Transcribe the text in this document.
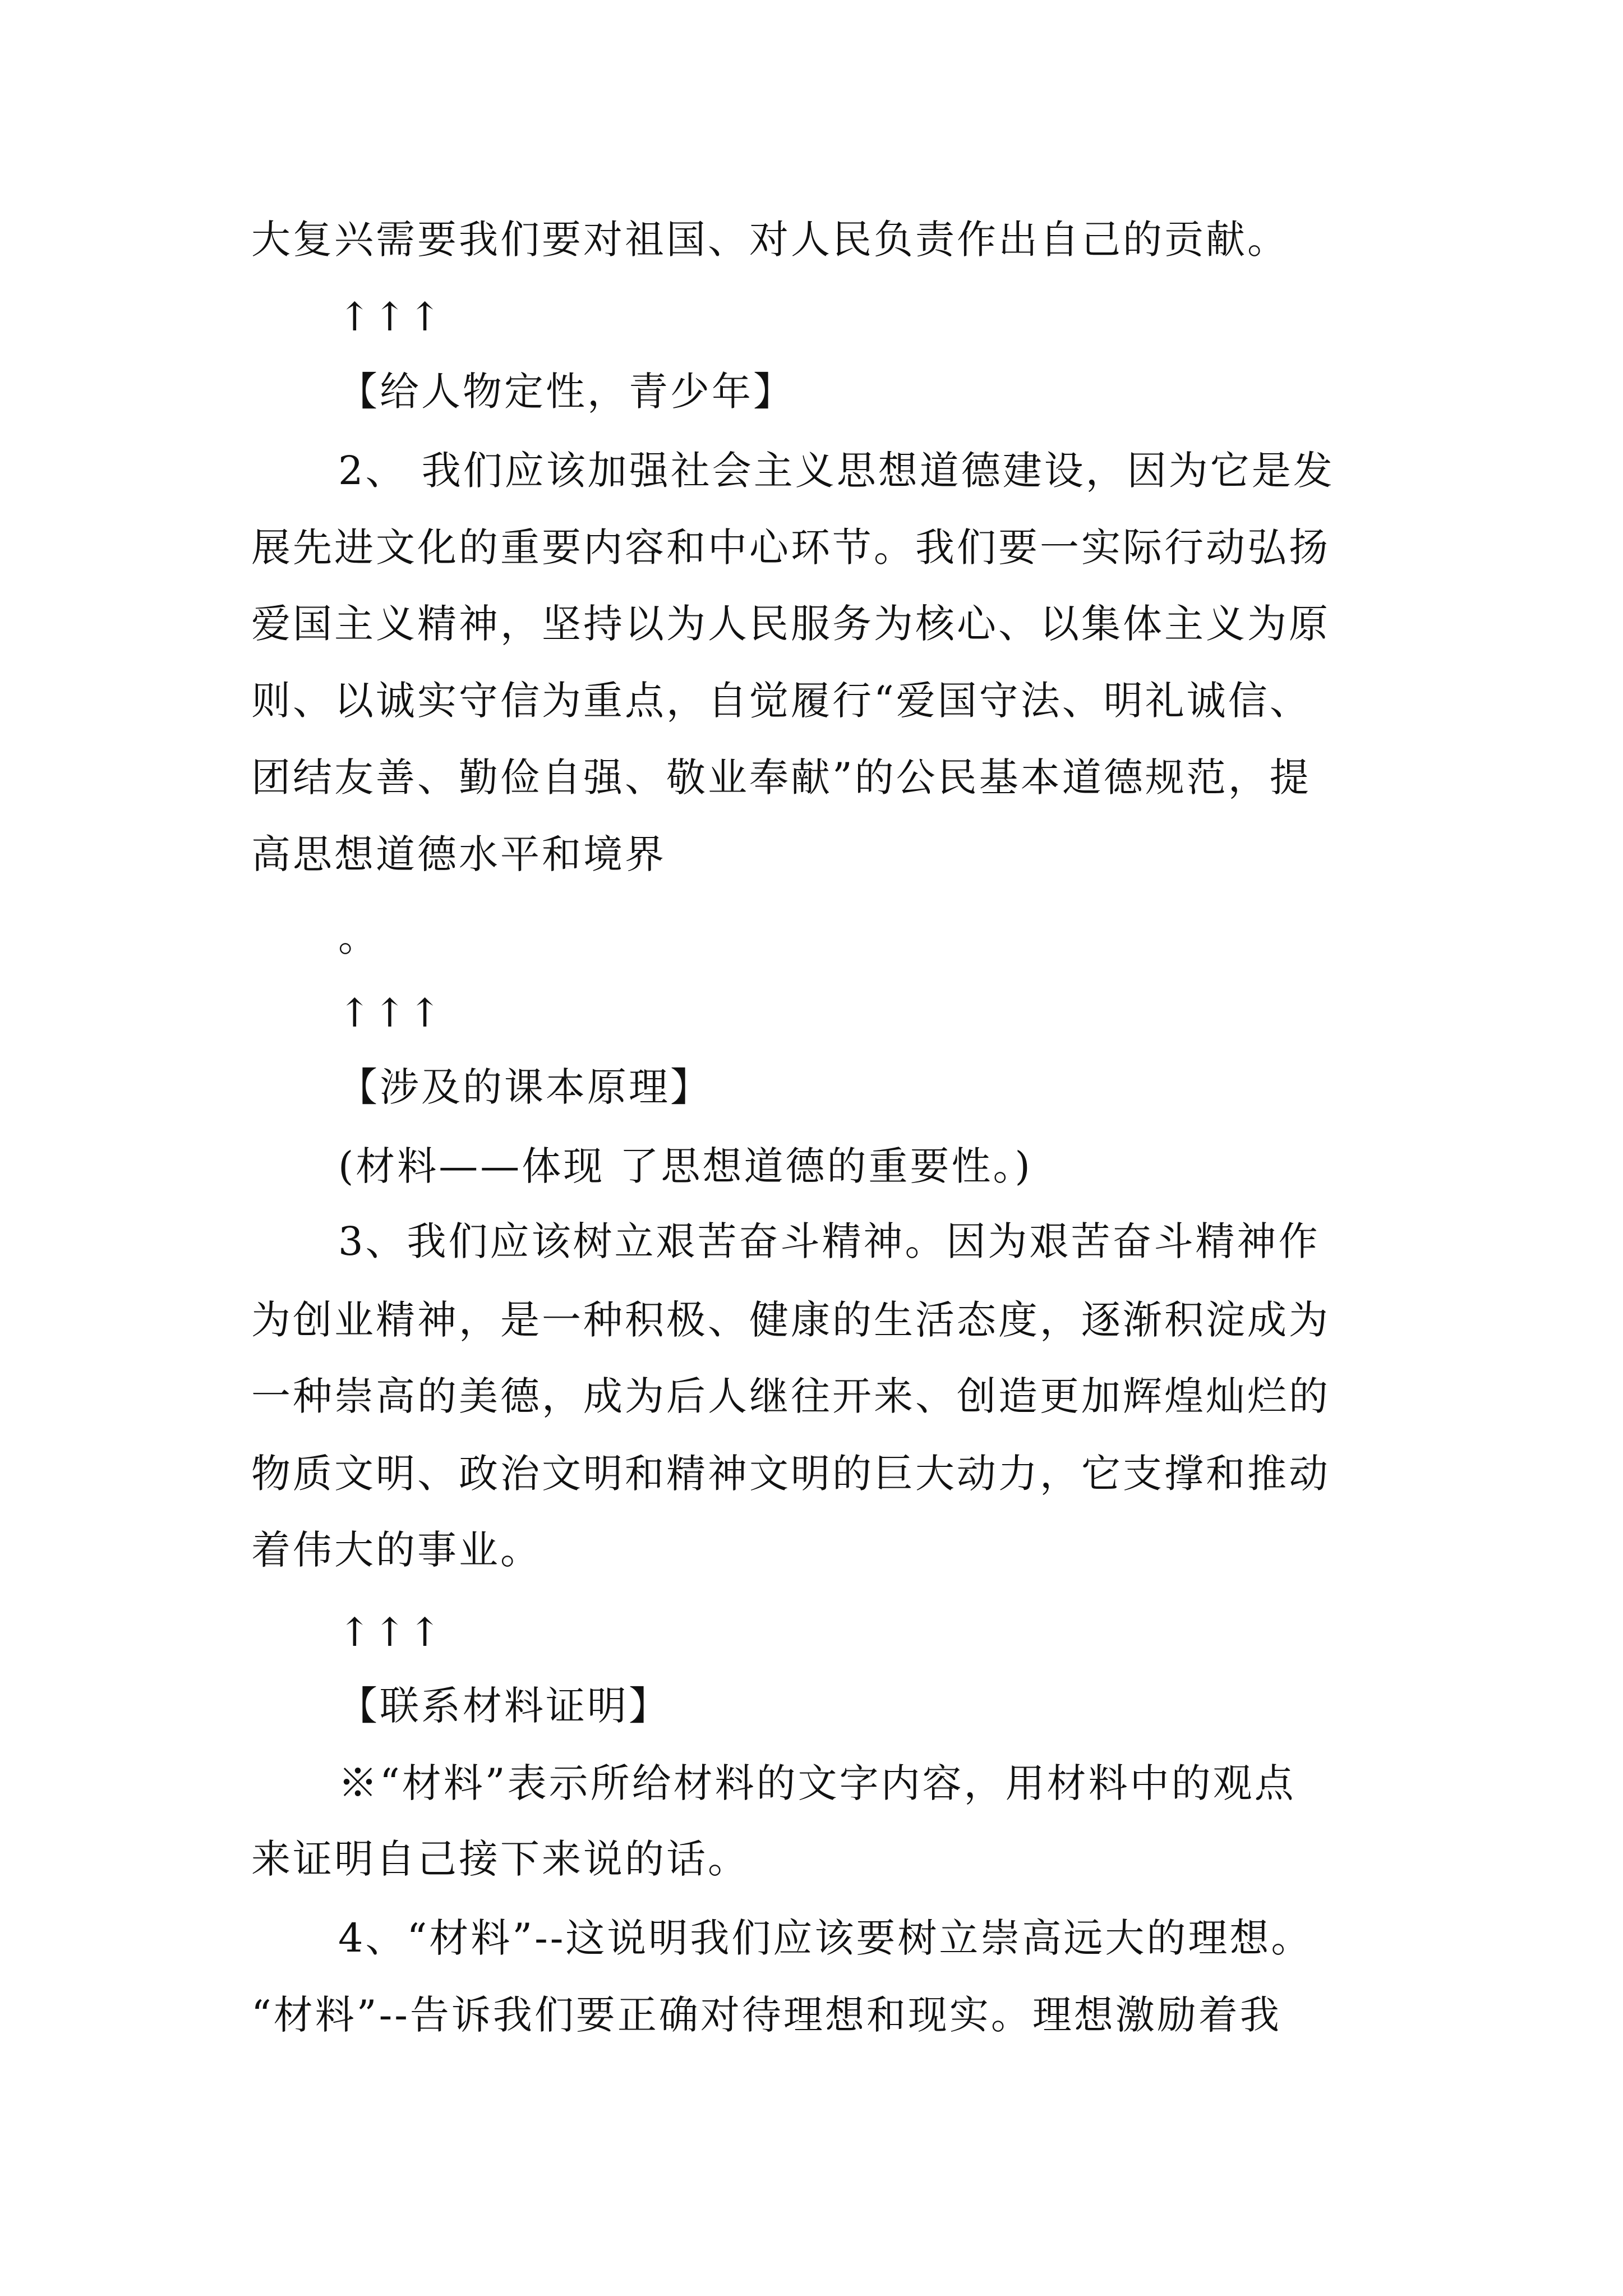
大复兴需要我们要对祖国、对人民负责作出自己的贡献。
↑↑↑
【给人物定性，青少年】
2、 我们应该加强社会主义思想道德建设，因为它是发
展先进文化的重要内容和中心环节。我们要一实际行动弘扬
爱国主义精神，坚持以为人民服务为核心、以集体主义为原
则、以诚实守信为重点，自觉履行“爱国守法、明礼诚信、
团结友善、勤俭自强、敬业奉献”的公民基本道德规范，提
高思想道德水平和境界
。
↑↑↑
【涉及的课本原理】
(材料——体现 了思想道德的重要性。)
3、我们应该树立艰苦奋斗精神。因为艰苦奋斗精神作
为创业精神，是一种积极、健康的生活态度，逐渐积淀成为
一种崇高的美德，成为后人继往开来、创造更加辉煌灿烂的
物质文明、政治文明和精神文明的巨大动力，它支撑和推动
着伟大的事业。
↑↑↑
【联系材料证明】
※“材料”表示所给材料的文字内容，用材料中的观点
来证明自己接下来说的话。
4、“材料”--这说明我们应该要树立崇高远大的理想。
“材料”--告诉我们要正确对待理想和现实。理想激励着我
